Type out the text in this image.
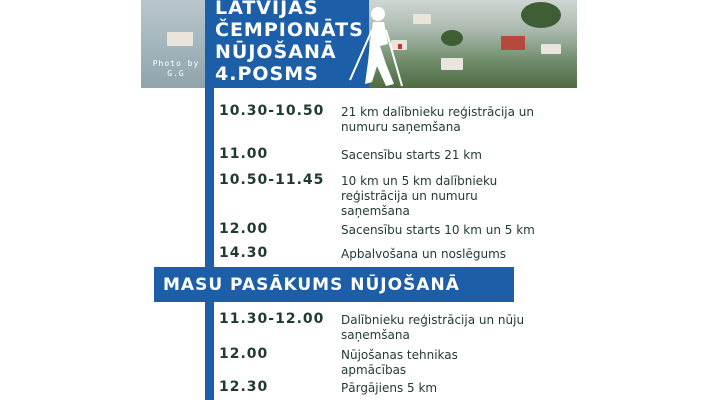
Photo by
G.G
LATVIJAS
ČEMPIONĀTS
NŪJOŠANĀ
4.POSMS
10.30-10.50 21 km dalībnieku reģistrācija un numuru saņemšana
11.00	Sacensību starts 21 km
10.50-11.45 10 km un 5 km dalībnieku reģistrācija un numuru saņemšana
12.00	Sacensību starts 10 km un 5 km
14.30	Apbalvošana un noslēgums
MASU PASĀKUMS NŪJOŠANĀ
11.30-12.00 Dalībnieku reģistrācija un nūju saņemšana
12.00	Nūjošanas tehnikas apmācības
12.30	Pārgājiens 5 km
